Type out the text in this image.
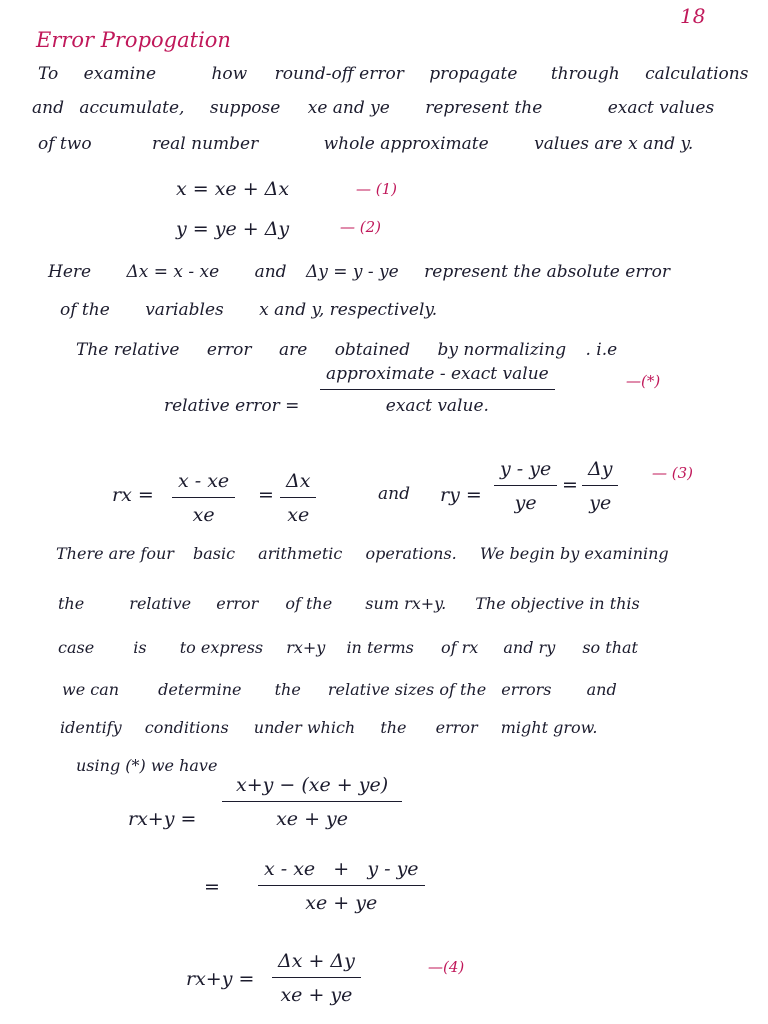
18
Error Propogation
To examine	how round-off error propagate through calculations
and accumulate, suppose xe and ye represent the	exact values
of two	real number	whole approximate	values are x and y.
x = xe + Δx	— (1)
y = ye + Δy	— (2)
Here Δx = x - xe and Δy = y - ye represent the absolute error
of the variables x and y, respectively.
The relative error are obtained by normalizing . i.e
relative error =
approximate - exact value
exact value.
—(*)
rx =
x - xe
xe
=
Δx
xe
and ry =
y - ye
ye
=
Δy
ye
— (3)
There are four basic arithmetic operations. We begin by examining
the	relative error of the sum rx+y. The objective in this
case is to express rx+y in terms of rx and ry so that
we can determine the relative sizes of the errors and
identify conditions under which the error might grow.
using (*) we have
rx+y =
x+y − (xe + ye)
xe + ye
=
x - xe   +   y - ye
xe + ye
rx+y =
Δx + Δy
xe + ye
—(4)
